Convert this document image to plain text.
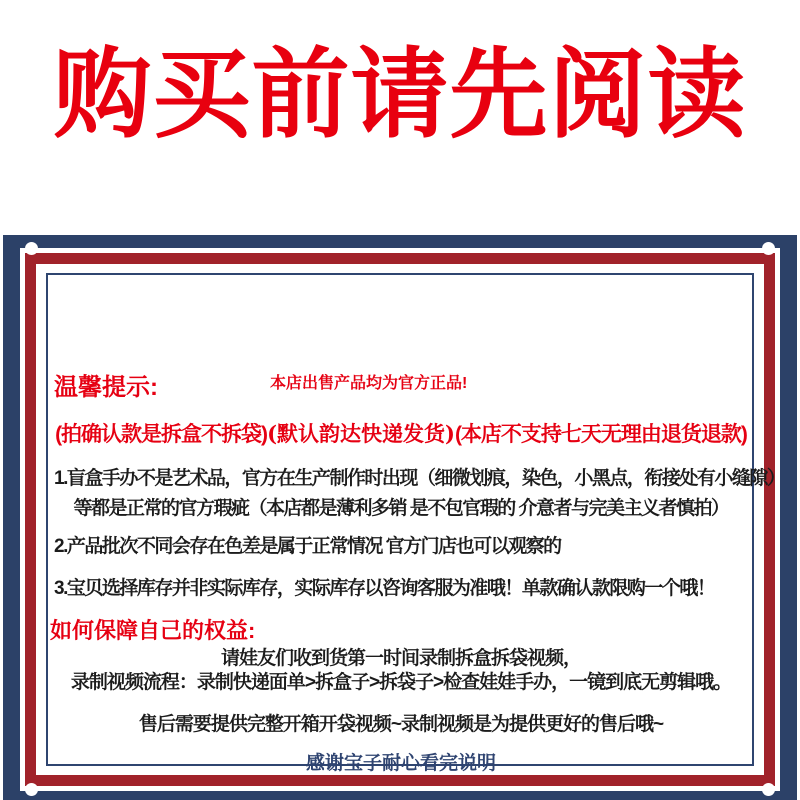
购买前请先阅读
温馨提示:	本店出售产品均为官方正品!
(拍确认款是拆盒不拆袋)(默认韵达快递发货)(本店不支持七天无理由退货退款)
1.盲盒手办不是艺术品，官方在生产制作时出现（细微划痕，染色，小黑点，衔接处有小缝隙）
等都是正常的官方瑕疵（本店都是薄利多销 是不包官瑕的 介意者与完美主义者慎拍）
2.产品批次不同会存在色差是属于正常情况 官方门店也可以观察的
3.宝贝选择库存并非实际库存，实际库存以咨询客服为准哦！单款确认款限购一个哦！
如何保障自己的权益:
请娃友们收到货第一时间录制拆盒拆袋视频，
录制视频流程：录制快递面单>拆盒子>拆袋子>检查娃娃手办，一镜到底无剪辑哦。
售后需要提供完整开箱开袋视频~录制视频是为提供更好的售后哦~
感谢宝子耐心看完说明
